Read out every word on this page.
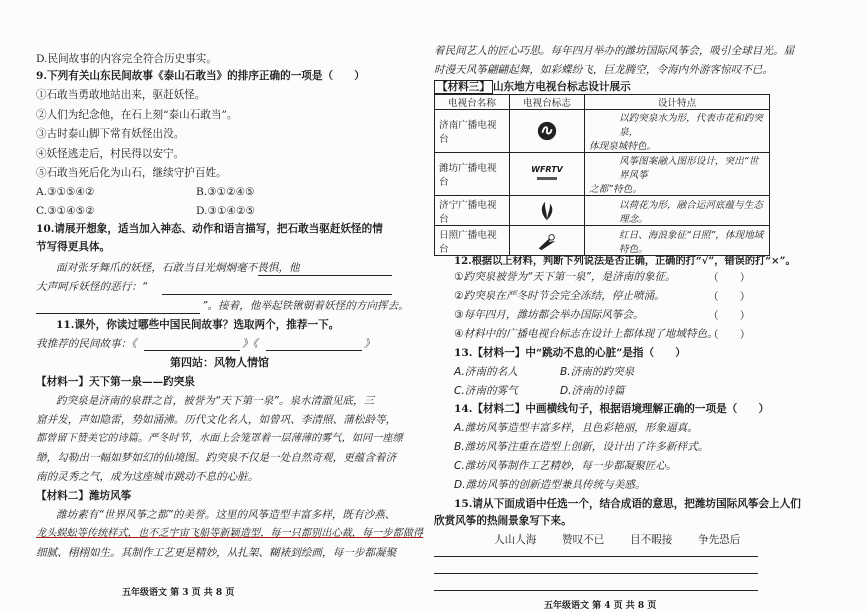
D.民间故事的内容完全符合历史事实。
9.下列有关山东民间故事《泰山石敢当》的排序正确的一项是（　　）
①石敢当勇敢地站出来，驱赶妖怪。
②人们为纪念他，在石上刻“泰山石敢当”。
③古时泰山脚下常有妖怪出没。
④妖怪逃走后，村民得以安宁。
⑤石敢当死后化为山石，继续守护百姓。
A.③①⑤④②	B.③①②④⑤
C.③①④⑤②	D.③①④②⑤
10.请展开想象，适当加入神态、动作和语言描写，把石敢当驱赶妖怪的情
节写得更具体。
面对张牙舞爪的妖怪，石敢当目光炯炯毫不畏惧，他
大声呵斥妖怪的恶行：“
”。接着，他举起铁锹朝着妖怪的方向挥去。
11.课外，你读过哪些中国民间故事？选取两个，推荐一下。
我推荐的民间故事：《	》《	》
第四站：风物人情馆
【材料一】天下第一泉——趵突泉
趵突泉是济南的泉群之首，被誉为“天下第一泉”。泉水清澈见底，三
窟并发，声如隐雷，势如涌沸。历代文化名人，如曾巩、李清照、蒲松龄等，
都曾留下赞美它的诗篇。严冬时节，水面上会笼罩着一层薄薄的雾气，如同一座缥
缈，勾勒出一幅如梦如幻的仙境图。趵突泉不仅是一处自然奇观，更蕴含着济
南的灵秀之气，成为这座城市跳动不息的心脏。
【材料二】潍坊风筝
潍坊素有“世界风筝之都”的美誉。这里的风筝造型丰富多样，既有沙燕、
龙头蜈蚣等传统样式，也不乏宇宙飞船等新颖造型，每一只都别出心裁，每一步都做得
细腻、栩栩如生。其制作工艺更是精妙，从扎架、糊裱到绘画，每一步都凝聚
五年级语文 第 3 页 共 8 页
着民间艺人的匠心巧思。每年四月举办的潍坊国际风筝会，吸引全球目光。届
时漫天风筝翩翩起舞，如彩蝶纷飞，巨龙腾空，令海内外游客惊叹不已。
【材料三】 山东地方电视台标志设计展示
电视台名称	电视台标志	设计特点
济南广播电视台		以趵突泉水为形，代表市花和趵突泉，
体现泉城特色。

潍坊广播电视台	WFRTV	风筝图案融入图形设计，突出“世界风筝
之都”特色。

济宁广播电视台		以荷花为形，融合运河底蕴与生态理念。

日照广播电视台		红日、海浪象征“日照”，体现地域特色。
12.根据以上材料，判断下列说法是否正确，正确的打“√”，错误的打“×”。
①趵突泉被誉为“天下第一泉”，是济南的象征。	（　　）
②趵突泉在严冬时节会完全冻结，停止喷涌。	（　　）
③每年四月，潍坊都会举办国际风筝会。	（　　）
④材料中的广播电视台标志在设计上都体现了地域特色。
（　　）
13.【材料一】中“跳动不息的心脏”是指（　　）
A.济南的名人	B.济南的趵突泉
C.济南的雾气	D.济南的诗篇
14.【材料二】中画横线句子，根据语境理解正确的一项是（　　）
A.潍坊风筝造型丰富多样，且色彩艳丽，形象逼真。
B.潍坊风筝注重在造型上创新，设计出了许多新样式。
C.潍坊风筝制作工艺精妙，每一步都凝聚匠心。
D.潍坊风筝的创新造型兼具传统与美感。
15.请从下面成语中任选一个，结合成语的意思，把潍坊国际风筝会上人们
欣赏风筝的热闹景象写下来。
人山人海 赞叹不已 目不暇接 争先恐后
五年级语文 第 4 页 共 8 页
